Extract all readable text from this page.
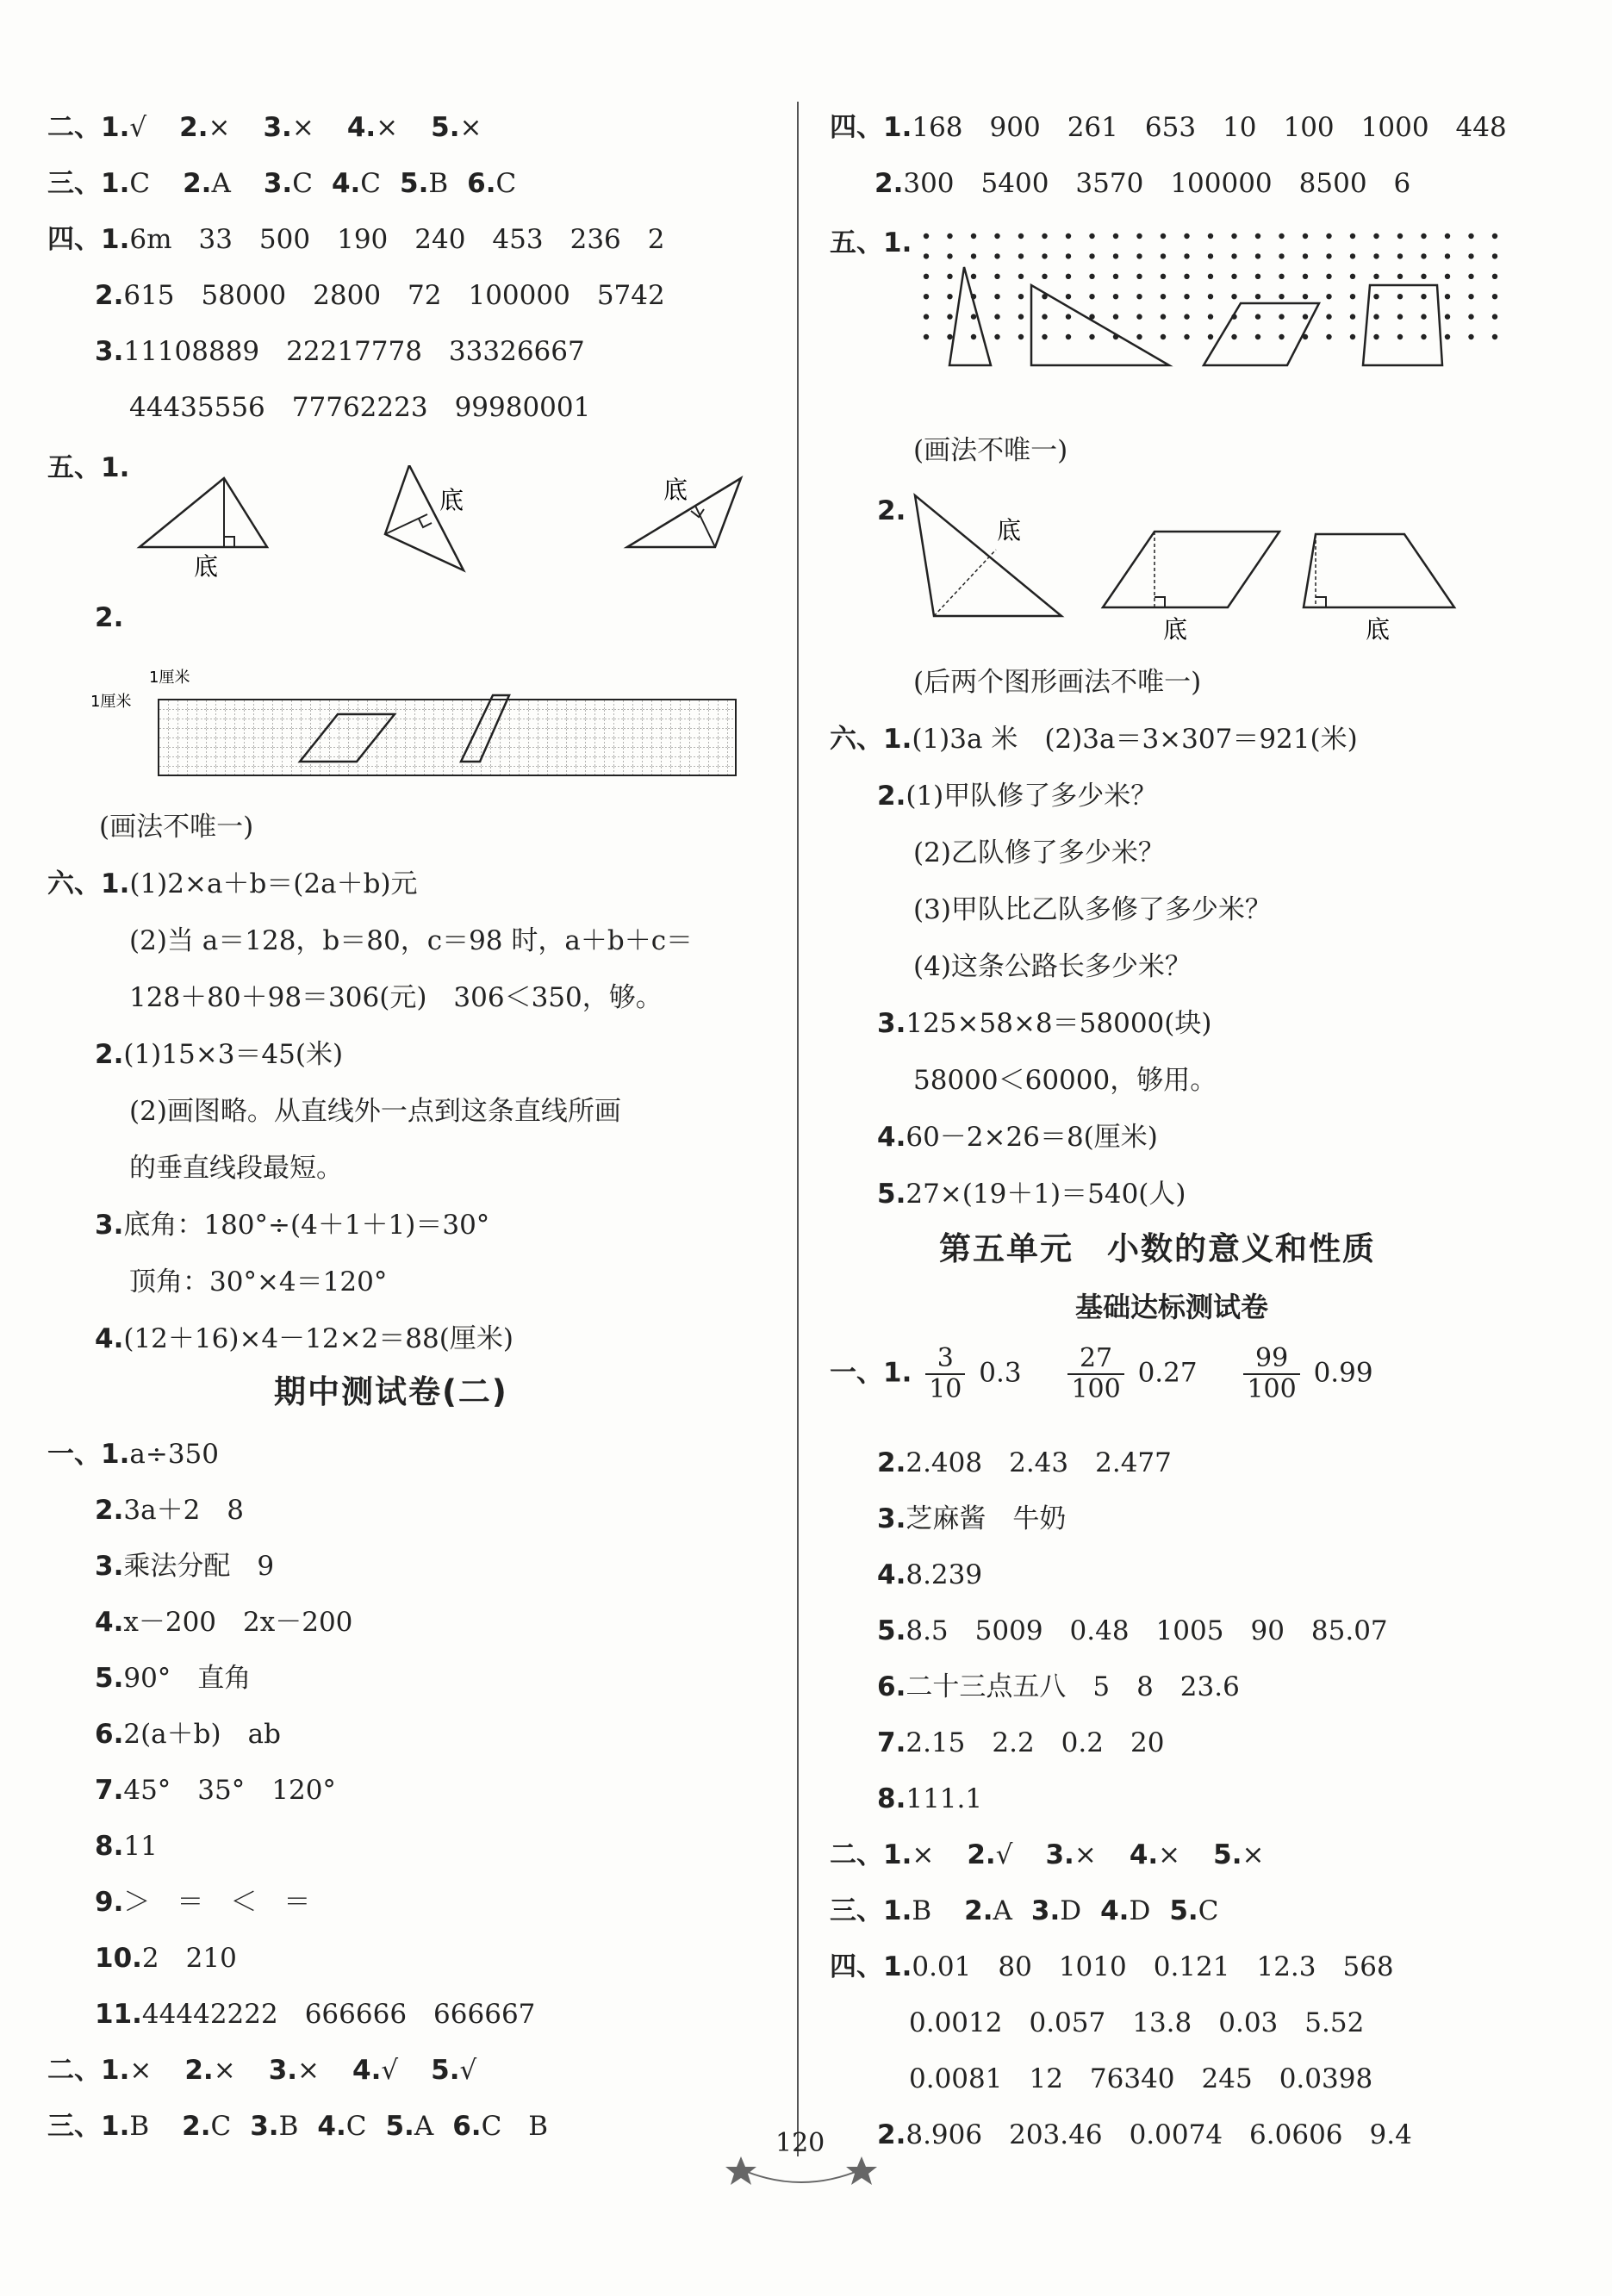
二、1.√ 2.× 3.× 4.× 5.×
三、1.C 2.A 3.C 4.C 5.B 6.C
四、1.6m　33　500　190　240　453　236　2
2.615　58000　2800　72　100000　5742
3.11108889　22217778　33326667
44435556　77762223　99980001
五、1.
底
底	底
2.
1厘米
1厘米
(画法不唯一)
六、1.(1)2×a＋b＝(2a＋b)元
(2)当 a＝128，b＝80，c＝98 时，a＋b＋c＝
128＋80＋98＝306(元)　306＜350，够。
2.(1)15×3＝45(米)
(2)画图略。从直线外一点到这条直线所画
的垂直线段最短。
3.底角：180°÷(4＋1＋1)＝30°
顶角：30°×4＝120°
4.(12＋16)×4－12×2＝88(厘米)
期中测试卷(二)
一、1.a÷350
2.3a＋2　8
3.乘法分配　9
4.x－200　2x－200
5.90°　直角
6.2(a＋b)　ab
7.45°　35°　120°
8.11
9.＞　＝　＜　＝
10.2　210
11.44442222　666666　666667
二、1.× 2.× 3.× 4.√ 5.√
三、1.B 2.C 3.B 4.C 5.A 6.C　B
四、1.168　900　261　653　10　100　1000　448
2.300　5400　3570　100000　8500　6
五、1.
(画法不唯一)
2.
底
底	底
(后两个图形画法不唯一)
六、1.(1)3a 米　(2)3a＝3×307＝921(米)
2.(1)甲队修了多少米？
(2)乙队修了多少米？
(3)甲队比乙队多修了多少米？
(4)这条公路长多少米？
3.125×58×8＝58000(块)
58000＜60000，够用。
4.60－2×26＝8(厘米)
5.27×(19＋1)＝540(人)
第五单元　小数的意义和性质
基础达标测试卷
一、1. $\frac{3}{10} 0.3 \frac{27}{100} 0.27 \frac{99}{100} 0.99$
2.2.408　2.43　2.477
3.芝麻酱　牛奶
4.8.239
5.8.5　5009　0.48　1005　90　85.07
6.二十三点五八　5　8　23.6
7.2.15　2.2　0.2　20
8.111.1
二、1.× 2.√ 3.× 4.× 5.×
三、1.B 2.A 3.D 4.D 5.C
四、1.0.01　80　1010　0.121　12.3　568
0.0012　0.057　13.8　0.03　5.52
0.0081　12　76340　245　0.0398
2.8.906　203.46　0.0074　6.0606　9.4
120
